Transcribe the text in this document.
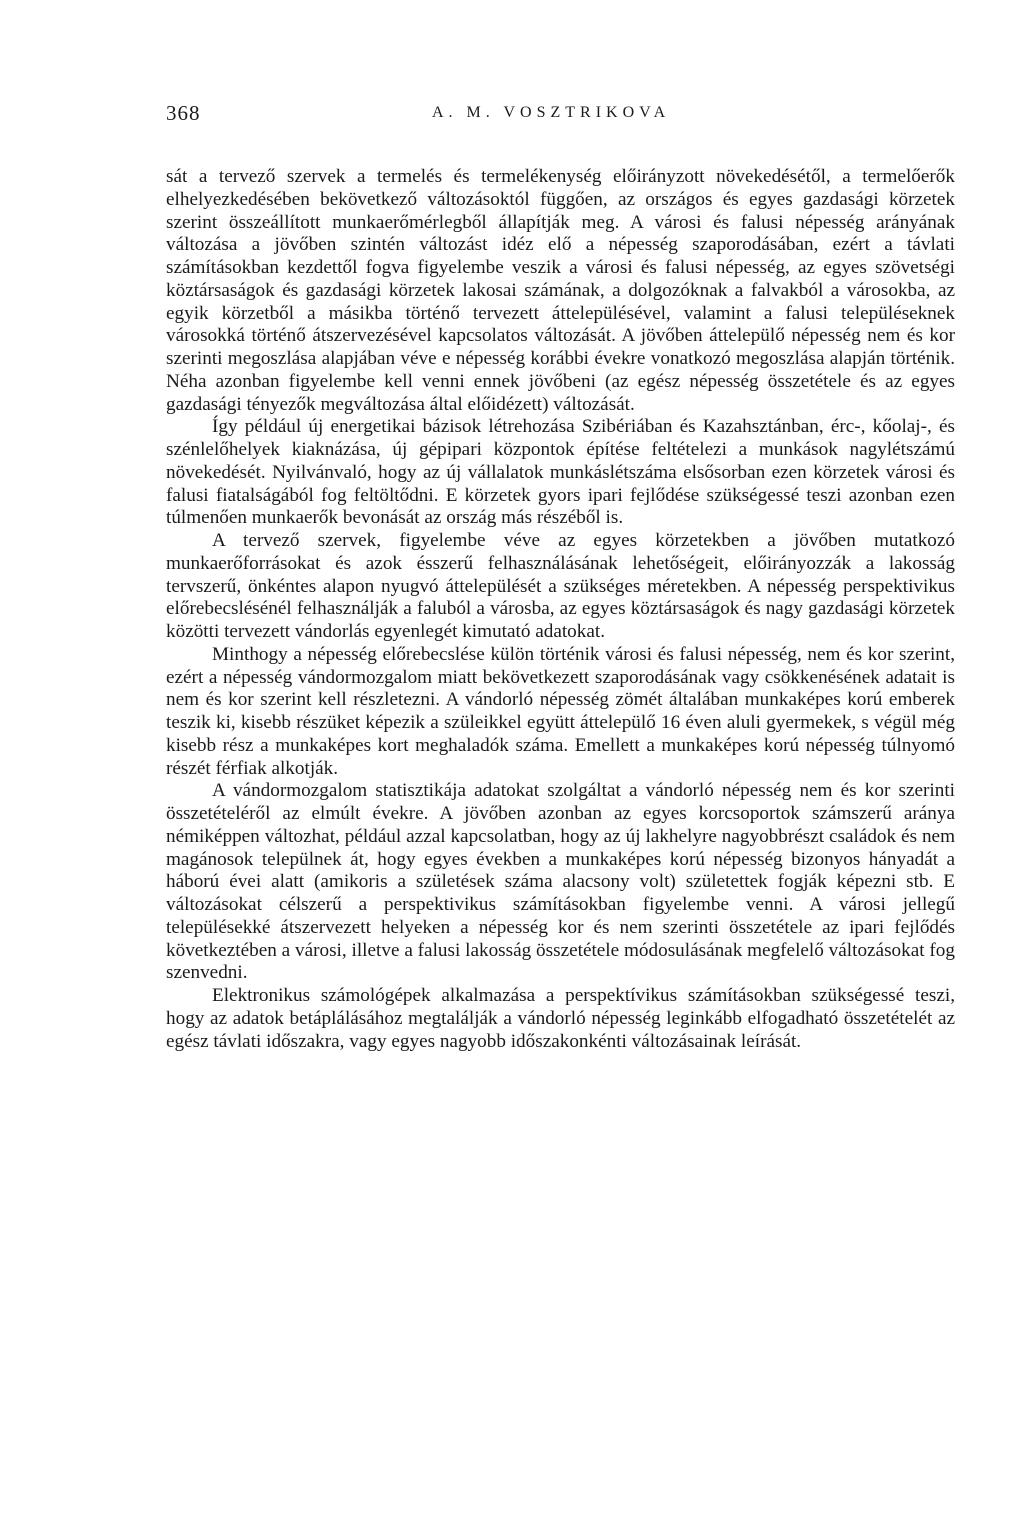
368	A. M. VOSZTRIKOVA

sát a tervező szervek a termelés és termelékenység előirányzott növekedésétől, a termelőerők elhelyezkedésében bekövetkező változásoktól függően, az országos és egyes gazdasági körzetek szerint összeállított munkaerőmérlegből állapítják meg. A városi és falusi népesség arányának változása a jövőben szintén változást idéz elő a népesség szaporodásában, ezért a távlati számításokban kezdettől fogva figyelembe veszik a városi és falusi népesség, az egyes szövetségi köztársaságok és gazdasági körzetek lakosai számának, a dolgozóknak a falvakból a városokba, az egyik körzetből a másikba történő tervezett áttelepülésével, valamint a falusi településeknek városokká történő átszervezésével kapcsolatos változását. A jövőben áttelepülő népesség nem és kor szerinti megoszlása alapjában véve e népesség korábbi évekre vonatkozó megoszlása alapján történik. Néha azonban figyelembe kell venni ennek jövőbeni (az egész népesség összetétele és az egyes gazdasági tényezők megváltozása által előidézett) változását.

Így például új energetikai bázisok létrehozása Szibériában és Kazahsztánban, érc-, kőolaj-, és szénlelőhelyek kiaknázása, új gépipari központok építése feltételezi a munkások nagylétszámú növekedését. Nyilvánvaló, hogy az új vállalatok munkáslétszáma elsősorban ezen körzetek városi és falusi fiatalságából fog feltöltődni. E körzetek gyors ipari fejlődése szükségessé teszi azonban ezen túlmenően munkaerők bevonását az ország más részéből is.

A tervező szervek, figyelembe véve az egyes körzetekben a jövőben mutatkozó munkaerőforrásokat és azok ésszerű felhasználásának lehetőségeit, előirányozzák a lakosság tervszerű, önkéntes alapon nyugvó áttelepülését a szükséges méretekben. A népesség perspektivikus előrebecslésénél felhasználják a faluból a városba, az egyes köztársaságok és nagy gazdasági körzetek közötti tervezett vándorlás egyenlegét kimutató adatokat.

Minthogy a népesség előrebecslése külön történik városi és falusi népesség, nem és kor szerint, ezért a népesség vándormozgalom miatt bekövetkezett szaporodásának vagy csökkenésének adatait is nem és kor szerint kell részletezni. A vándorló népesség zömét általában munkaképes korú emberek teszik ki, kisebb részüket képezik a szüleikkel együtt áttelepülő 16 éven aluli gyermekek, s végül még kisebb rész a munkaképes kort meghaladók száma. Emellett a munkaképes korú népesség túlnyomó részét férfiak alkotják.

A vándormozgalom statisztikája adatokat szolgáltat a vándorló népesség nem és kor szerinti összetételéről az elmúlt évekre. A jövőben azonban az egyes korcsoportok számszerű aránya némiképpen változhat, például azzal kapcsolatban, hogy az új lakhelyre nagyobbrészt családok és nem magánosok települnek át, hogy egyes években a munkaképes korú népesség bizonyos hányadát a háború évei alatt (amikoris a születések száma alacsony volt) születettek fogják képezni stb. E változásokat célszerű a perspektivikus számításokban figyelembe venni. A városi jellegű településekké átszervezett helyeken a népesség kor és nem szerinti összetétele az ipari fejlődés következtében a városi, illetve a falusi lakosság összetétele módosulásának megfelelő változásokat fog szenvedni.

Elektronikus számológépek alkalmazása a perspektívikus számításokban szükségessé teszi, hogy az adatok betáplálásához megtalálják a vándorló népesség leginkább elfogadható összetételét az egész távlati időszakra, vagy egyes nagyobb időszakonkénti változásainak leírását.
